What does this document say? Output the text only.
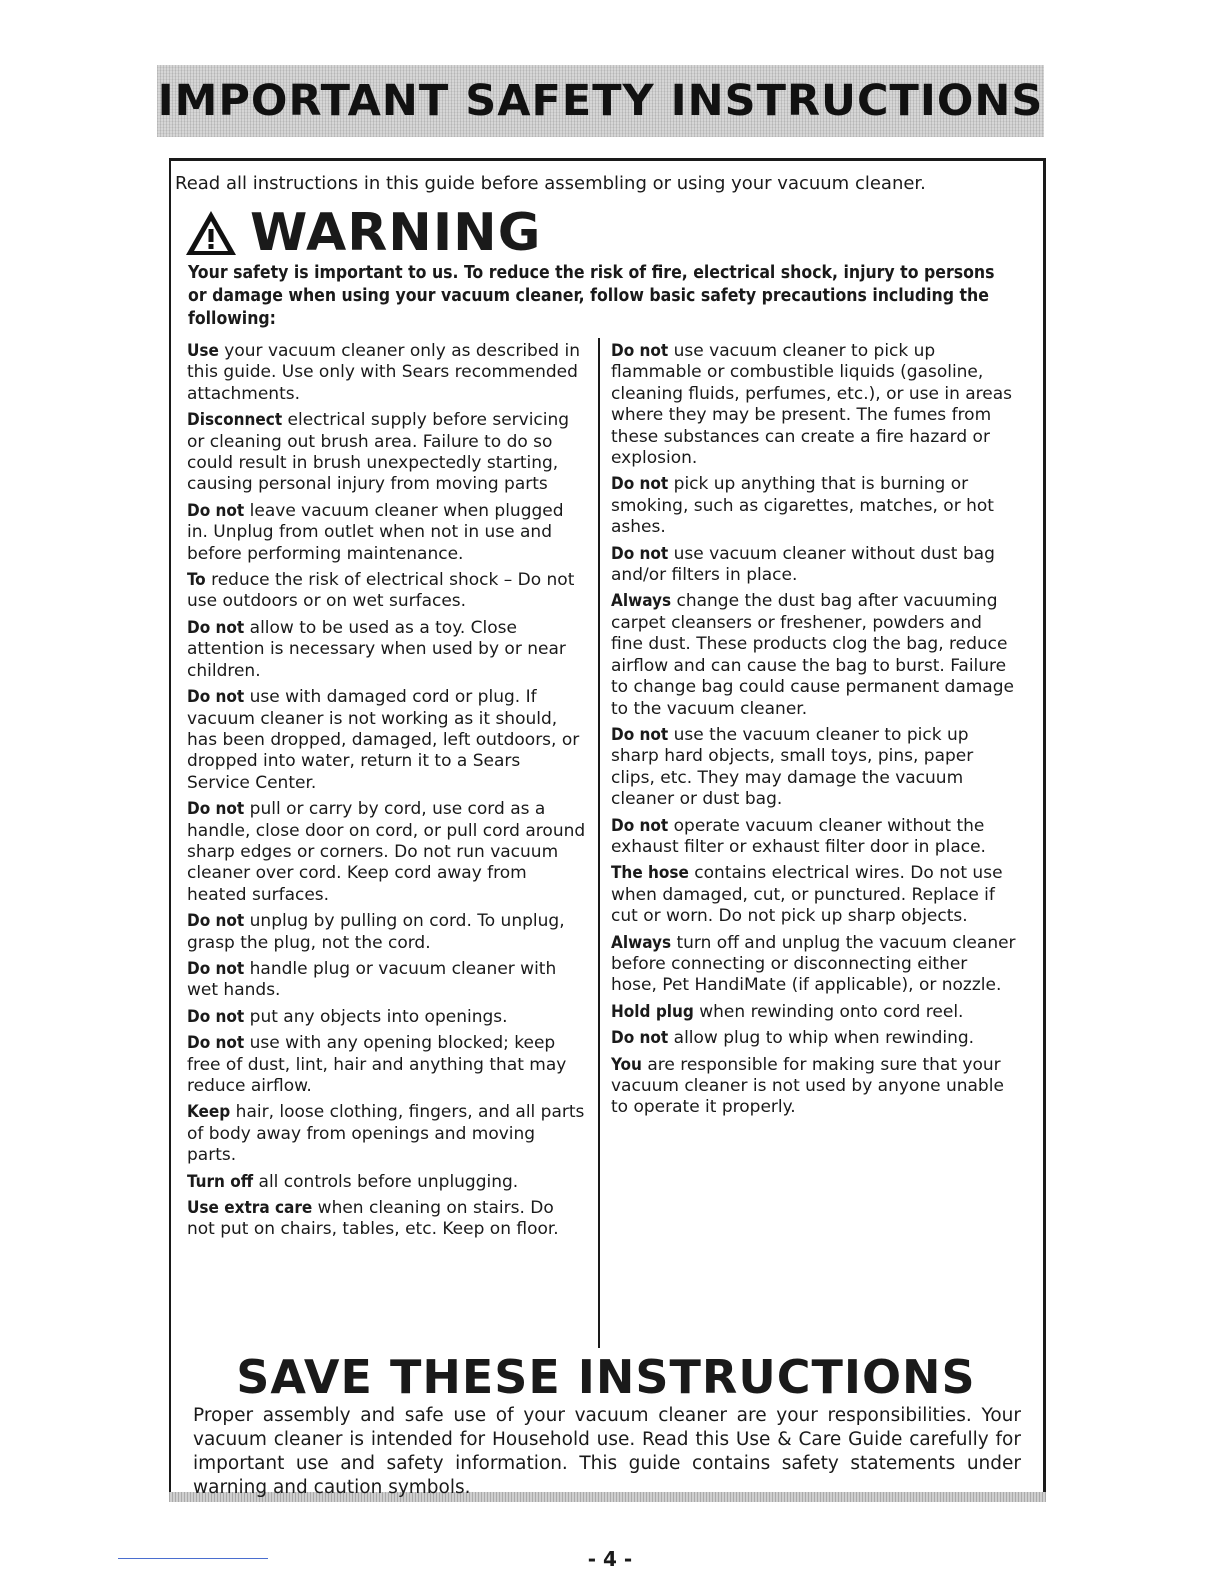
IMPORTANT SAFETY INSTRUCTIONS
Read all instructions in this guide before assembling or using your vacuum cleaner.
WARNING
Your safety is important to us. To reduce the risk of fire, electrical shock, injury to persons or damage when using your vacuum cleaner, follow basic safety precautions including the following:
Use your vacuum cleaner only as described in this guide. Use only with Sears recommended attachments.
Disconnect electrical supply before servicing or cleaning out brush area. Failure to do so could result in brush unexpectedly starting, causing personal injury from moving parts
Do not leave vacuum cleaner when plugged in. Unplug from outlet when not in use and before performing maintenance.
To reduce the risk of electrical shock – Do not use outdoors or on wet surfaces.
Do not allow to be used as a toy. Close attention is necessary when used by or near children.
Do not use with damaged cord or plug. If vacuum cleaner is not working as it should, has been dropped, damaged, left outdoors, or dropped into water, return it to a Sears Service Center.
Do not pull or carry by cord, use cord as a handle, close door on cord, or pull cord around sharp edges or corners. Do not run vacuum cleaner over cord. Keep cord away from heated surfaces.
Do not unplug by pulling on cord. To unplug, grasp the plug, not the cord.
Do not handle plug or vacuum cleaner with wet hands.
Do not put any objects into openings.
Do not use with any opening blocked; keep free of dust, lint, hair and anything that may reduce airflow.
Keep hair, loose clothing, fingers, and all parts of body away from openings and moving parts.
Turn off all controls before unplugging.
Use extra care when cleaning on stairs. Do not put on chairs, tables, etc. Keep on floor.
Do not use vacuum cleaner to pick up flammable or combustible liquids (gasoline, cleaning fluids, perfumes, etc.), or use in areas where they may be present. The fumes from these substances can create a fire hazard or explosion.
Do not pick up anything that is burning or smoking, such as cigarettes, matches, or hot ashes.
Do not use vacuum cleaner without dust bag and/or filters in place.
Always change the dust bag after vacuuming carpet cleansers or freshener, powders and fine dust. These products clog the bag, reduce airflow and can cause the bag to burst. Failure to change bag could cause permanent damage to the vacuum cleaner.
Do not use the vacuum cleaner to pick up sharp hard objects, small toys, pins, paper clips, etc. They may damage the vacuum cleaner or dust bag.
Do not operate vacuum cleaner without the exhaust filter or exhaust filter door in place.
The hose contains electrical wires. Do not use when damaged, cut, or punctured. Replace if cut or worn. Do not pick up sharp objects.
Always turn off and unplug the vacuum cleaner before connecting or disconnecting either hose, Pet HandiMate (if applicable), or nozzle.
Hold plug when rewinding onto cord reel.
Do not allow plug to whip when rewinding.
You are responsible for making sure that your vacuum cleaner is not used by anyone unable to operate it properly.
SAVE THESE INSTRUCTIONS
Proper assembly and safe use of your vacuum cleaner are your responsibilities. Your vacuum cleaner is intended for Household use. Read this Use & Care Guide carefully for important use and safety information. This guide contains safety statements under warning and caution symbols.
- 4 -
